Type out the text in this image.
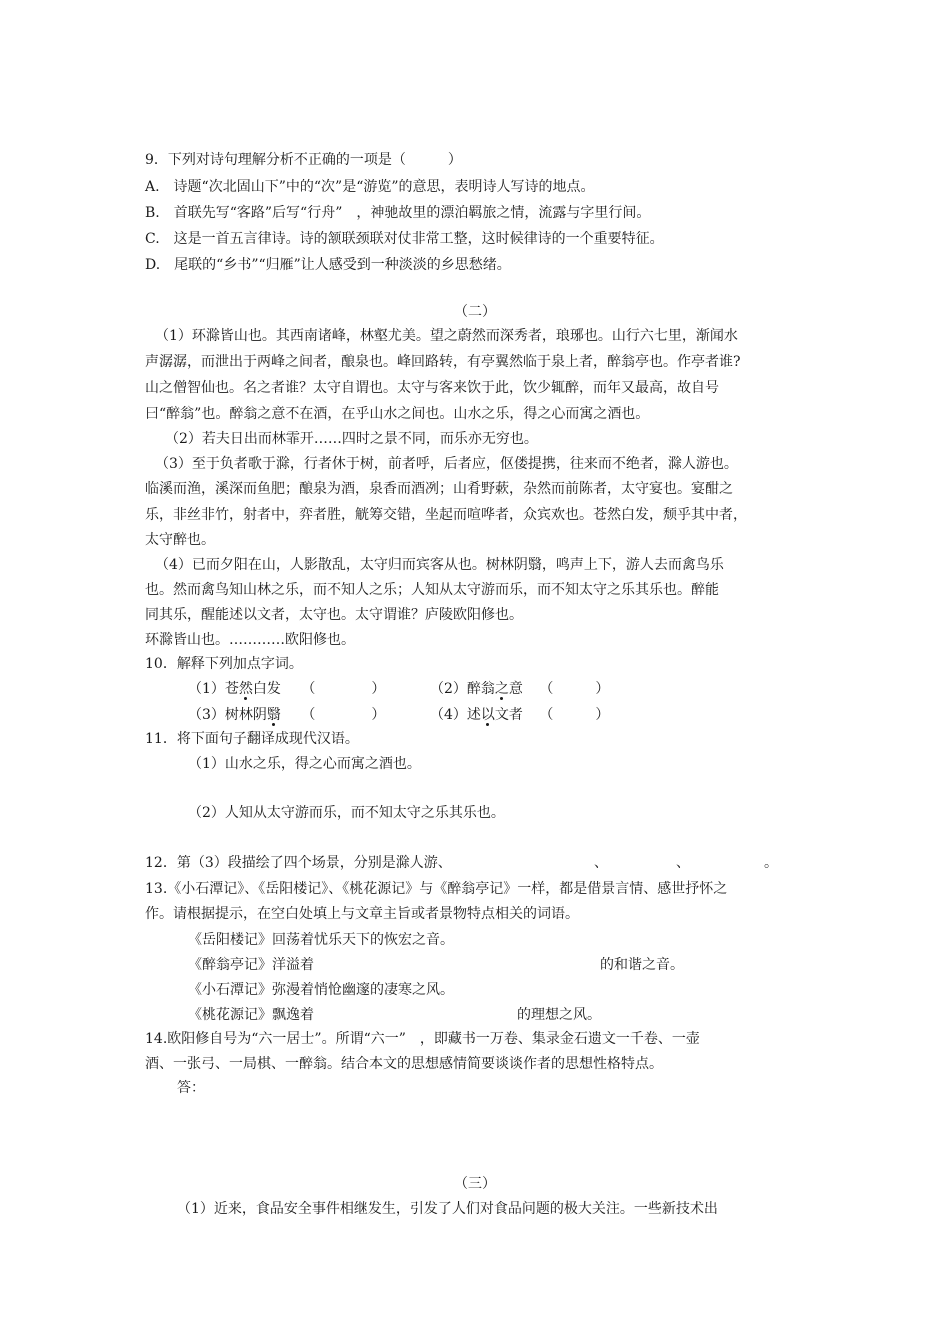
9．下列对诗句理解分析不正确的一项是（　　　）
A.　诗题“次北固山下”中的“次”是“游览”的意思，表明诗人写诗的地点。
B.　首联先写“客路”后写“行舟”　，神驰故里的漂泊羁旅之情，流露与字里行间。
C.　这是一首五言律诗。诗的颔联颈联对仗非常工整，这时候律诗的一个重要特征。
D.　尾联的“乡书”“归雁”让人感受到一种淡淡的乡思愁绪。
（二）
（1）环滁皆山也。其西南诸峰，林壑尤美。望之蔚然而深秀者，琅琊也。山行六七里，渐闻水
声潺潺，而泄出于两峰之间者，酿泉也。峰回路转，有亭翼然临于泉上者，醉翁亭也。作亭者谁?
山之僧智仙也。名之者谁？太守自谓也。太守与客来饮于此，饮少辄醉，而年又最高，故自号
曰“醉翁”也。醉翁之意不在酒，在乎山水之间也。山水之乐，得之心而寓之酒也。
（2）若夫日出而林霏开……四时之景不同，而乐亦无穷也。
（3）至于负者歌于滁，行者休于树，前者呼，后者应，伛偻提携，往来而不绝者，滁人游也。
临溪而渔，溪深而鱼肥；酿泉为酒，泉香而酒冽；山肴野蔌，杂然而前陈者，太守宴也。宴酣之
乐，非丝非竹，射者中，弈者胜，觥筹交错，坐起而喧哗者，众宾欢也。苍然白发，颓乎其中者，
太守醉也。
（4）已而夕阳在山，人影散乱，太守归而宾客从也。树林阴翳，鸣声上下，游人去而禽鸟乐
也。然而禽鸟知山林之乐，而不知人之乐；人知从太守游而乐，而不知太守之乐其乐也。醉能
同其乐，醒能述以文者，太守也。太守谓谁？庐陵欧阳修也。
环滁皆山也。…………欧阳修也。
10．解释下列加点字词。
（1）苍然白发 （　　　　）	（2）醉翁之意 （　　　）
（3）树林阴翳 （　　　　）	（4）述以文者 （　　　）
11．将下面句子翻译成现代汉语。
（1）山水之乐，得之心而寓之酒也。
（2）人知从太守游而乐，而不知太守之乐其乐也。
12．第（3）段描绘了四个场景，分别是滁人游、	、	、	。
13.《小石潭记》、《岳阳楼记》、《桃花源记》与《醉翁亭记》一样，都是借景言情、感世抒怀之
作。请根据提示，在空白处填上与文章主旨或者景物特点相关的词语。
《岳阳楼记》回荡着忧乐天下的恢宏之音。
《醉翁亭记》洋溢着	的和谐之音。
《小石潭记》弥漫着悄怆幽邃的凄寒之风。
《桃花源记》飘逸着	的理想之风。
14.欧阳修自号为“六一居士”。所谓“六一”　，即藏书一万卷、集录金石遗文一千卷、一壶
酒、一张弓、一局棋、一醉翁。结合本文的思想感情简要谈谈作者的思想性格特点。
答：
（三）
（1）近来，食品安全事件相继发生，引发了人们对食品问题的极大关注。一些新技术出
